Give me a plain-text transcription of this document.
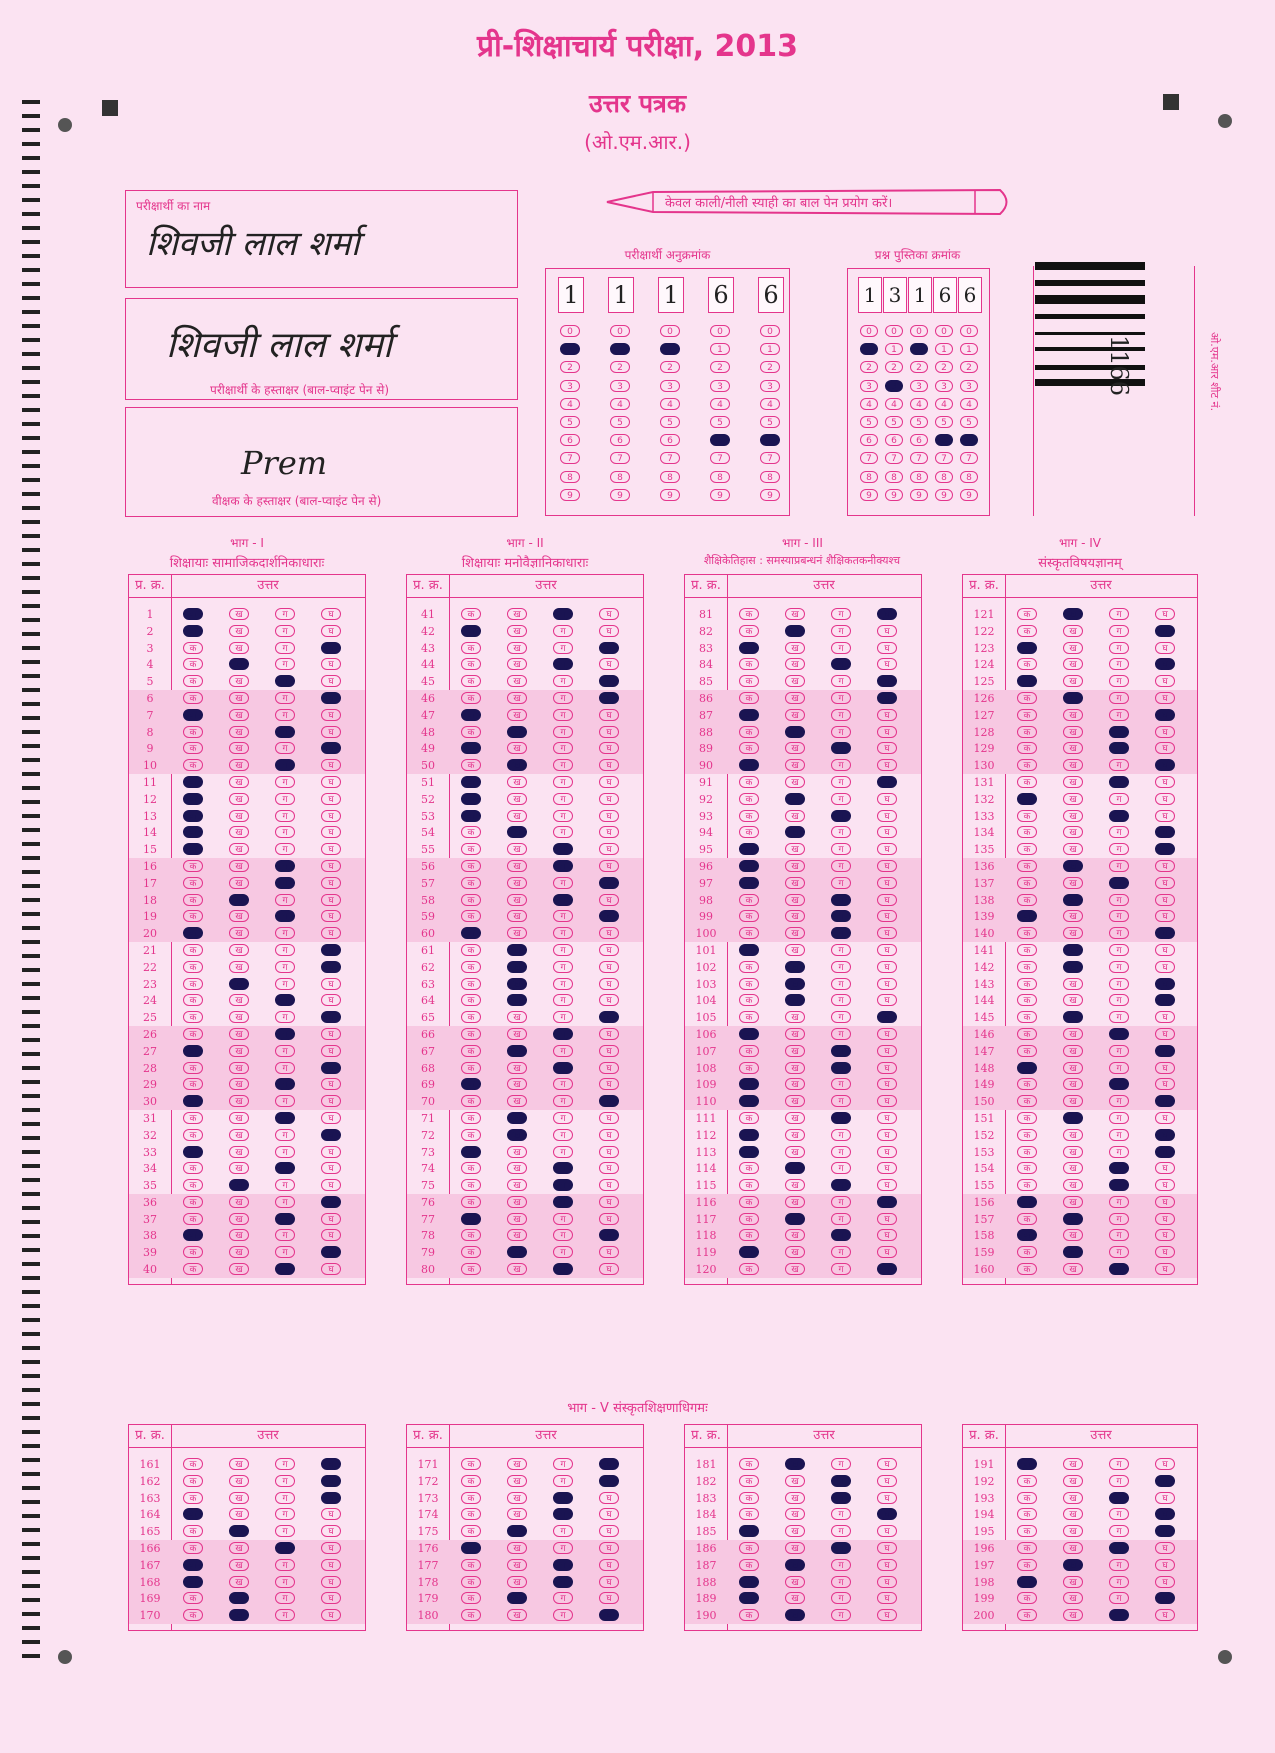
प्री-शिक्षाचार्य परीक्षा, 2013
उत्तर पत्रक
(ओ.एम.आर.)
परीक्षार्थी का नाम
शिवजी लाल शर्मा
शिवजी लाल शर्मा
परीक्षार्थी के हस्ताक्षर (बाल-प्वाइंट पेन से)
Prem
वीक्षक के हस्ताक्षर (बाल-प्वाइंट पेन से)
केवल काली/नीली स्याही का बाल पेन प्रयोग करें।
परीक्षार्थी अनुक्रमांक
1
0
1
2
3
4
5
6
7
8
9
1
0
1
2
3
4
5
6
7
8
9
1
0
1
2
3
4
5
6
7
8
9
6
0
1
2
3
4
5
6
7
8
9
6
0
1
2
3
4
5
6
7
8
9
प्रश्न पुस्तिका क्रमांक
1
0
1
2
3
4
5
6
7
8
9
3
0
1
2
3
4
5
6
7
8
9
1
0
1
2
3
4
5
6
7
8
9
6
0
1
2
3
4
5
6
7
8
9
6
0
1
2
3
4
5
6
7
8
9
1166	ओ.एम.आर शीट नं.
भाग - I
शिक्षायाः सामाजिकदार्शनिकाधाराः
भाग - II
शिक्षायाः मनोवैज्ञानिकाधाराः
भाग - III
शैक्षिकेतिहास : समस्याप्रबन्धनं शैक्षिकतकनीक्यश्च
भाग - IV
संस्कृतविषयज्ञानम्
प्र. क्र.	उत्तर
1	क	ख	ग	घ
2	क	ख	ग	घ
3	क	ख	ग	घ
4	क	ख	ग	घ
5	क	ख	ग	घ
6	क	ख	ग	घ
7	क	ख	ग	घ
8	क	ख	ग	घ
9	क	ख	ग	घ
10	क	ख	ग	घ
11	क	ख	ग	घ
12	क	ख	ग	घ
13	क	ख	ग	घ
14	क	ख	ग	घ
15	क	ख	ग	घ
16	क	ख	ग	घ
17	क	ख	ग	घ
18	क	ख	ग	घ
19	क	ख	ग	घ
20	क	ख	ग	घ
21	क	ख	ग	घ
22	क	ख	ग	घ
23	क	ख	ग	घ
24	क	ख	ग	घ
25	क	ख	ग	घ
26	क	ख	ग	घ
27	क	ख	ग	घ
28	क	ख	ग	घ
29	क	ख	ग	घ
30	क	ख	ग	घ
31	क	ख	ग	घ
32	क	ख	ग	घ
33	क	ख	ग	घ
34	क	ख	ग	घ
35	क	ख	ग	घ
36	क	ख	ग	घ
37	क	ख	ग	घ
38	क	ख	ग	घ
39	क	ख	ग	घ
40	क	ख	ग	घ
प्र. क्र.	उत्तर
41	क	ख	ग	घ
42	क	ख	ग	घ
43	क	ख	ग	घ
44	क	ख	ग	घ
45	क	ख	ग	घ
46	क	ख	ग	घ
47	क	ख	ग	घ
48	क	ख	ग	घ
49	क	ख	ग	घ
50	क	ख	ग	घ
51	क	ख	ग	घ
52	क	ख	ग	घ
53	क	ख	ग	घ
54	क	ख	ग	घ
55	क	ख	ग	घ
56	क	ख	ग	घ
57	क	ख	ग	घ
58	क	ख	ग	घ
59	क	ख	ग	घ
60	क	ख	ग	घ
61	क	ख	ग	घ
62	क	ख	ग	घ
63	क	ख	ग	घ
64	क	ख	ग	घ
65	क	ख	ग	घ
66	क	ख	ग	घ
67	क	ख	ग	घ
68	क	ख	ग	घ
69	क	ख	ग	घ
70	क	ख	ग	घ
71	क	ख	ग	घ
72	क	ख	ग	घ
73	क	ख	ग	घ
74	क	ख	ग	घ
75	क	ख	ग	घ
76	क	ख	ग	घ
77	क	ख	ग	घ
78	क	ख	ग	घ
79	क	ख	ग	घ
80	क	ख	ग	घ
प्र. क्र.	उत्तर
81	क	ख	ग	घ
82	क	ख	ग	घ
83	क	ख	ग	घ
84	क	ख	ग	घ
85	क	ख	ग	घ
86	क	ख	ग	घ
87	क	ख	ग	घ
88	क	ख	ग	घ
89	क	ख	ग	घ
90	क	ख	ग	घ
91	क	ख	ग	घ
92	क	ख	ग	घ
93	क	ख	ग	घ
94	क	ख	ग	घ
95	क	ख	ग	घ
96	क	ख	ग	घ
97	क	ख	ग	घ
98	क	ख	ग	घ
99	क	ख	ग	घ
100	क	ख	ग	घ
101	क	ख	ग	घ
102	क	ख	ग	घ
103	क	ख	ग	घ
104	क	ख	ग	घ
105	क	ख	ग	घ
106	क	ख	ग	घ
107	क	ख	ग	घ
108	क	ख	ग	घ
109	क	ख	ग	घ
110	क	ख	ग	घ
111	क	ख	ग	घ
112	क	ख	ग	घ
113	क	ख	ग	घ
114	क	ख	ग	घ
115	क	ख	ग	घ
116	क	ख	ग	घ
117	क	ख	ग	घ
118	क	ख	ग	घ
119	क	ख	ग	घ
120	क	ख	ग	घ
प्र. क्र.	उत्तर
121	क	ख	ग	घ
122	क	ख	ग	घ
123	क	ख	ग	घ
124	क	ख	ग	घ
125	क	ख	ग	घ
126	क	ख	ग	घ
127	क	ख	ग	घ
128	क	ख	ग	घ
129	क	ख	ग	घ
130	क	ख	ग	घ
131	क	ख	ग	घ
132	क	ख	ग	घ
133	क	ख	ग	घ
134	क	ख	ग	घ
135	क	ख	ग	घ
136	क	ख	ग	घ
137	क	ख	ग	घ
138	क	ख	ग	घ
139	क	ख	ग	घ
140	क	ख	ग	घ
141	क	ख	ग	घ
142	क	ख	ग	घ
143	क	ख	ग	घ
144	क	ख	ग	घ
145	क	ख	ग	घ
146	क	ख	ग	घ
147	क	ख	ग	घ
148	क	ख	ग	घ
149	क	ख	ग	घ
150	क	ख	ग	घ
151	क	ख	ग	घ
152	क	ख	ग	घ
153	क	ख	ग	घ
154	क	ख	ग	घ
155	क	ख	ग	घ
156	क	ख	ग	घ
157	क	ख	ग	घ
158	क	ख	ग	घ
159	क	ख	ग	घ
160	क	ख	ग	घ
भाग - V संस्कृतशिक्षणाधिगमः
प्र. क्र.	उत्तर
161	क	ख	ग	घ
162	क	ख	ग	घ
163	क	ख	ग	घ
164	क	ख	ग	घ
165	क	ख	ग	घ
166	क	ख	ग	घ
167	क	ख	ग	घ
168	क	ख	ग	घ
169	क	ख	ग	घ
170	क	ख	ग	घ
प्र. क्र.	उत्तर
171	क	ख	ग	घ
172	क	ख	ग	घ
173	क	ख	ग	घ
174	क	ख	ग	घ
175	क	ख	ग	घ
176	क	ख	ग	घ
177	क	ख	ग	घ
178	क	ख	ग	घ
179	क	ख	ग	घ
180	क	ख	ग	घ
प्र. क्र.	उत्तर
181	क	ख	ग	घ
182	क	ख	ग	घ
183	क	ख	ग	घ
184	क	ख	ग	घ
185	क	ख	ग	घ
186	क	ख	ग	घ
187	क	ख	ग	घ
188	क	ख	ग	घ
189	क	ख	ग	घ
190	क	ख	ग	घ
प्र. क्र.	उत्तर
191	क	ख	ग	घ
192	क	ख	ग	घ
193	क	ख	ग	घ
194	क	ख	ग	घ
195	क	ख	ग	घ
196	क	ख	ग	घ
197	क	ख	ग	घ
198	क	ख	ग	घ
199	क	ख	ग	घ
200	क	ख	ग	घ
